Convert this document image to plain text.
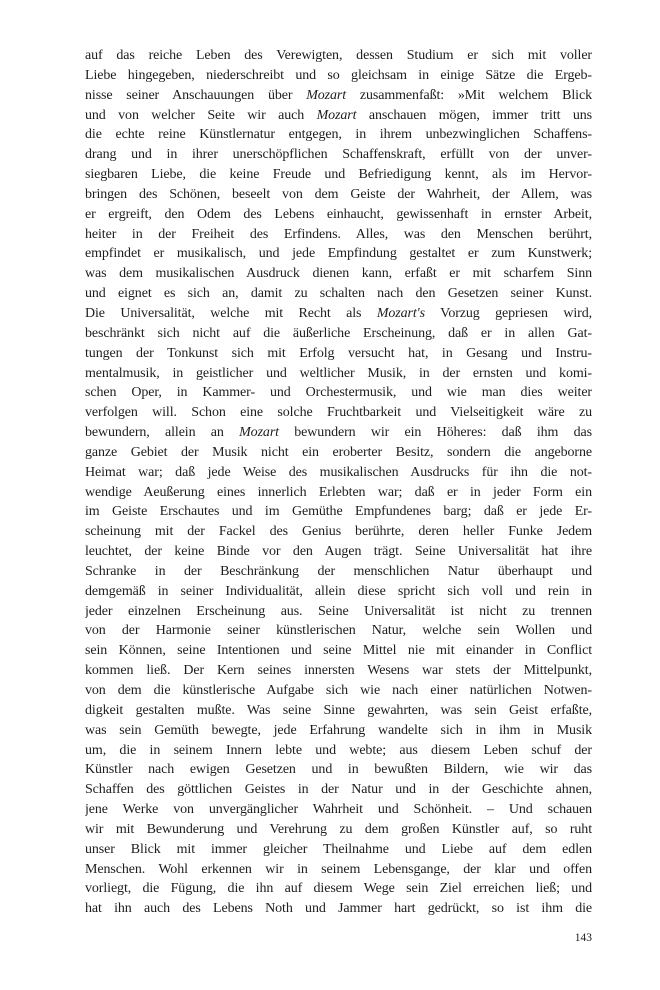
auf das reiche Leben des Verewigten, dessen Studium er sich mit voller
Liebe hingegeben, niederschreibt und so gleichsam in einige Sätze die Ergeb-
nisse seiner Anschauungen über Mozart zusammenfaßt: »Mit welchem Blick
und von welcher Seite wir auch Mozart anschauen mögen, immer tritt uns
die echte reine Künstlernatur entgegen, in ihrem unbezwinglichen Schaffens-
drang und in ihrer unerschöpflichen Schaffenskraft, erfüllt von der unver-
siegbaren Liebe, die keine Freude und Befriedigung kennt, als im Hervor-
bringen des Schönen, beseelt von dem Geiste der Wahrheit, der Allem, was
er ergreift, den Odem des Lebens einhaucht, gewissenhaft in ernster Arbeit,
heiter in der Freiheit des Erfindens. Alles, was den Menschen berührt,
empfindet er musikalisch, und jede Empfindung gestaltet er zum Kunstwerk;
was dem musikalischen Ausdruck dienen kann, erfaßt er mit scharfem Sinn
und eignet es sich an, damit zu schalten nach den Gesetzen seiner Kunst.
Die Universalität, welche mit Recht als Mozart's Vorzug gepriesen wird,
beschränkt sich nicht auf die äußerliche Erscheinung, daß er in allen Gat-
tungen der Tonkunst sich mit Erfolg versucht hat, in Gesang und Instru-
mentalmusik, in geistlicher und weltlicher Musik, in der ernsten und komi-
schen Oper, in Kammer- und Orchestermusik, und wie man dies weiter
verfolgen will. Schon eine solche Fruchtbarkeit und Vielseitigkeit wäre zu
bewundern, allein an Mozart bewundern wir ein Höheres: daß ihm das
ganze Gebiet der Musik nicht ein eroberter Besitz, sondern die angeborne
Heimat war; daß jede Weise des musikalischen Ausdrucks für ihn die not-
wendige Aeußerung eines innerlich Erlebten war; daß er in jeder Form ein
im Geiste Erschautes und im Gemüthe Empfundenes barg; daß er jede Er-
scheinung mit der Fackel des Genius berührte, deren heller Funke Jedem
leuchtet, der keine Binde vor den Augen trägt. Seine Universalität hat ihre
Schranke in der Beschränkung der menschlichen Natur überhaupt und
demgemäß in seiner Individualität, allein diese spricht sich voll und rein in
jeder einzelnen Erscheinung aus. Seine Universalität ist nicht zu trennen
von der Harmonie seiner künstlerischen Natur, welche sein Wollen und
sein Können, seine Intentionen und seine Mittel nie mit einander in Conflict
kommen ließ. Der Kern seines innersten Wesens war stets der Mittelpunkt,
von dem die künstlerische Aufgabe sich wie nach einer natürlichen Notwen-
digkeit gestalten mußte. Was seine Sinne gewahrten, was sein Geist erfaßte,
was sein Gemüth bewegte, jede Erfahrung wandelte sich in ihm in Musik
um, die in seinem Innern lebte und webte; aus diesem Leben schuf der
Künstler nach ewigen Gesetzen und in bewußten Bildern, wie wir das
Schaffen des göttlichen Geistes in der Natur und in der Geschichte ahnen,
jene Werke von unvergänglicher Wahrheit und Schönheit. – Und schauen
wir mit Bewunderung und Verehrung zu dem großen Künstler auf, so ruht
unser Blick mit immer gleicher Theilnahme und Liebe auf dem edlen
Menschen. Wohl erkennen wir in seinem Lebensgange, der klar und offen
vorliegt, die Fügung, die ihn auf diesem Wege sein Ziel erreichen ließ; und
hat ihn auch des Lebens Noth und Jammer hart gedrückt, so ist ihm die
143
